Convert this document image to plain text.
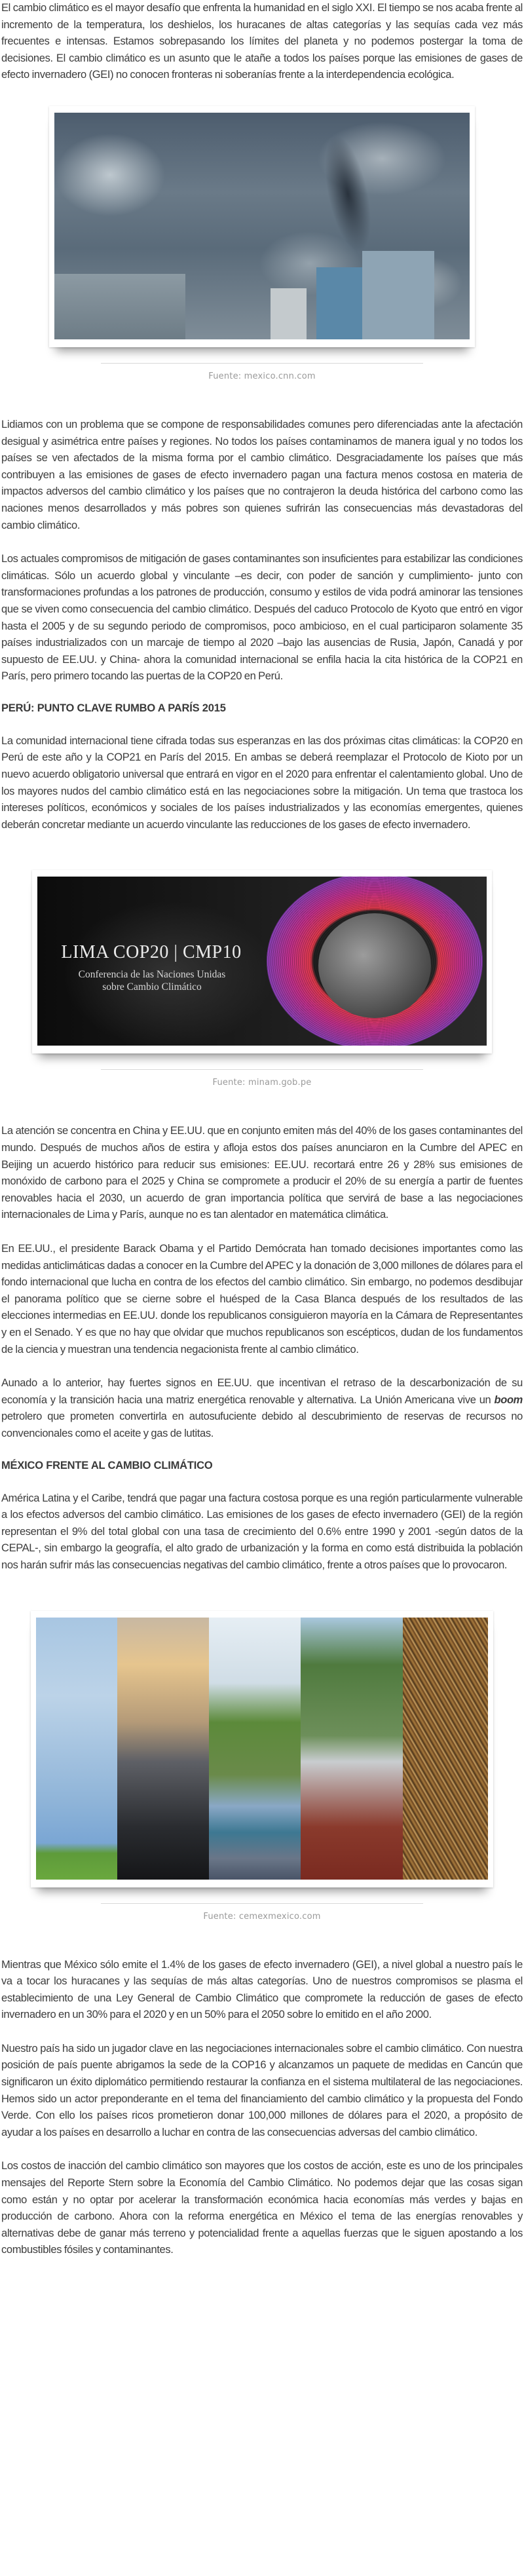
El cambio climático es el mayor desafío que enfrenta la humanidad en el siglo XXI. El tiempo se nos acaba frente al incremento de la temperatura, los deshielos, los huracanes de altas categorías y las sequías cada vez más frecuentes e intensas. Estamos sobrepasando los límites del planeta y no podemos postergar la toma de decisiones. El cambio climático es un asunto que le atañe a todos los países porque las emisiones de gases de efecto invernadero (GEI) no conocen fronteras ni soberanías frente a la interdependencia ecológica.

Fuente: mexico.cnn.com

Lidiamos con un problema que se compone de responsabilidades comunes pero diferenciadas ante la afectación desigual y asimétrica entre países y regiones. No todos los países contaminamos de manera igual y no todos los países se ven afectados de la misma forma por el cambio climático. Desgraciadamente los países que más contribuyen a las emisiones de gases de efecto invernadero pagan una factura menos costosa en materia de impactos adversos del cambio climático y los países que no contrajeron la deuda histórica del carbono como las naciones menos desarrollados y más pobres son quienes sufrirán las consecuencias más devastadoras del cambio climático.

Los actuales compromisos de mitigación de gases contaminantes son insuficientes para estabilizar las condiciones climáticas. Sólo un acuerdo global y vinculante –es decir, con poder de sanción y cumplimiento- junto con transformaciones profundas a los patrones de producción, consumo y estilos de vida podrá aminorar las tensiones que se viven como consecuencia del cambio climático. Después del caduco Protocolo de Kyoto que entró en vigor hasta el 2005 y de su segundo periodo de compromisos, poco ambicioso, en el cual participaron solamente 35 países industrializados con un marcaje de tiempo al 2020 –bajo las ausencias de Rusia, Japón, Canadá y por supuesto de EE.UU. y China- ahora la comunidad internacional se enfila hacia la cita histórica de la COP21 en París, pero primero tocando las puertas de la COP20 en Perú.

PERÚ: PUNTO CLAVE RUMBO A PARÍS 2015

La comunidad internacional tiene cifrada todas sus esperanzas en las dos próximas citas climáticas: la COP20 en Perú de este año y la COP21 en París del 2015. En ambas se deberá reemplazar el Protocolo de Kioto por un nuevo acuerdo obligatorio universal que entrará en vigor en el 2020 para enfrentar el calentamiento global. Uno de los mayores nudos del cambio climático está en las negociaciones sobre la mitigación. Un tema que trastoca los intereses políticos, económicos y sociales de los países industrializados y las economías emergentes, quienes deberán concretar mediante un acuerdo vinculante las reducciones de los gases de efecto invernadero.

LIMA COP20 | CMP10
Conferencia de las Naciones Unidas
sobre Cambio Climático
Fuente: minam.gob.pe

La atención se concentra en China y EE.UU. que en conjunto emiten más del 40% de los gases contaminantes del mundo. Después de muchos años de estira y afloja estos dos países anunciaron en la Cumbre del APEC en Beijing un acuerdo histórico para reducir sus emisiones: EE.UU. recortará entre 26 y 28% sus emisiones de monóxido de carbono para el 2025 y China se compromete a producir el 20% de su energía a partir de fuentes renovables hacia el 2030, un acuerdo de gran importancia política que servirá de base a las negociaciones internacionales de Lima y París, aunque no es tan alentador en matemática climática.

En EE.UU., el presidente Barack Obama y el Partido Demócrata han tomado decisiones importantes como las medidas anticlimáticas dadas a conocer en la Cumbre del APEC y la donación de 3,000 millones de dólares para el fondo internacional que lucha en contra de los efectos del cambio climático. Sin embargo, no podemos desdibujar el panorama político que se cierne sobre el huésped de la Casa Blanca después de los resultados de las elecciones intermedias en EE.UU. donde los republicanos consiguieron mayoría en la Cámara de Representantes y en el Senado. Y es que no hay que olvidar que muchos republicanos son escépticos, dudan de los fundamentos de la ciencia y muestran una tendencia negacionista frente al cambio climático.

Aunado a lo anterior, hay fuertes signos en EE.UU. que incentivan el retraso de la descarbonización de su economía y la transición hacia una matriz energética renovable y alternativa. La Unión Americana vive un boom petrolero que prometen convertirla en autosufuciente debido al descubrimiento de reservas de recursos no convencionales como el aceite y gas de lutitas.

MÉXICO FRENTE AL CAMBIO CLIMÁTICO

América Latina y el Caribe, tendrá que pagar una factura costosa porque es una región particularmente vulnerable a los efectos adversos del cambio climático. Las emisiones de los gases de efecto invernadero (GEI) de la región representan el 9% del total global con una tasa de crecimiento del 0.6% entre 1990 y 2001 -según datos de la CEPAL-, sin embargo la geografía, el alto grado de urbanización y la forma en como está distribuida la población nos harán sufrir más las consecuencias negativas del cambio climático, frente a otros países que lo provocaron.

Fuente: cemexmexico.com

Mientras que México sólo emite el 1.4% de los gases de efecto invernadero (GEI), a nivel global a nuestro país le va a tocar los huracanes y las sequías de más altas categorías. Uno de nuestros compromisos se plasma el establecimiento de una Ley General de Cambio Climático que compromete la reducción de gases de efecto invernadero en un 30% para el 2020 y en un 50% para el 2050 sobre lo emitido en el año 2000.

Nuestro país ha sido un jugador clave en las negociaciones internacionales sobre el cambio climático. Con nuestra posición de país puente abrigamos la sede de la COP16 y alcanzamos un paquete de medidas en Cancún que significaron un éxito diplomático permitiendo restaurar la confianza en el sistema multilateral de las negociaciones. Hemos sido un actor preponderante en el tema del financiamiento del cambio climático y la propuesta del Fondo Verde. Con ello los países ricos prometieron donar 100,000 millones de dólares para el 2020, a propósito de ayudar a los países en desarrollo a luchar en contra de las consecuencias adversas del cambio climático.

Los costos de inacción del cambio climático son mayores que los costos de acción, este es uno de los principales mensajes del Reporte Stern sobre la Economía del Cambio Climático. No podemos dejar que las cosas sigan como están y no optar por acelerar la transformación económica hacia economías más verdes y bajas en producción de carbono. Ahora con la reforma energética en México el tema de las energías renovables y alternativas debe de ganar más terreno y potencialidad frente a aquellas fuerzas que le siguen apostando a los combustibles fósiles y contaminantes.
